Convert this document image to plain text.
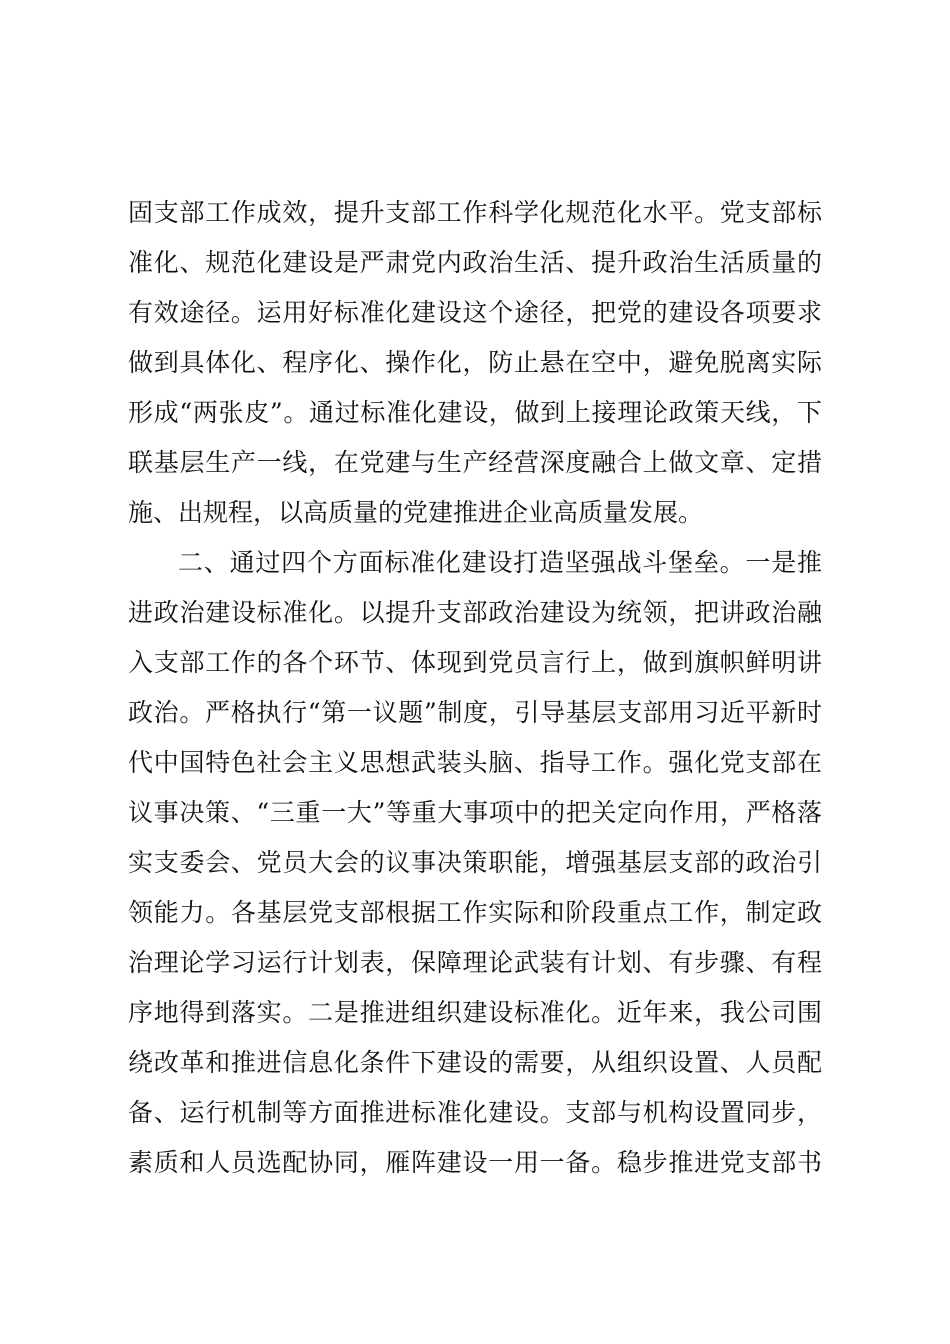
固支部工作成效，提升支部工作科学化规范化水平。党支部标
准化、规范化建设是严肃党内政治生活、提升政治生活质量的
有效途径。运用好标准化建设这个途径，把党的建设各项要求
做到具体化、程序化、操作化，防止悬在空中，避免脱离实际
形成“两张皮”。通过标准化建设，做到上接理论政策天线，下
联基层生产一线，在党建与生产经营深度融合上做文章、定措
施、出规程，以高质量的党建推进企业高质量发展。
二、通过四个方面标准化建设打造坚强战斗堡垒。一是推
进政治建设标准化。以提升支部政治建设为统领，把讲政治融
入支部工作的各个环节、体现到党员言行上，做到旗帜鲜明讲
政治。严格执行“第一议题”制度，引导基层支部用习近平新时
代中国特色社会主义思想武装头脑、指导工作。强化党支部在
议事决策、“三重一大”等重大事项中的把关定向作用，严格落
实支委会、党员大会的议事决策职能，增强基层支部的政治引
领能力。各基层党支部根据工作实际和阶段重点工作，制定政
治理论学习运行计划表，保障理论武装有计划、有步骤、有程
序地得到落实。二是推进组织建设标准化。近年来，我公司围
绕改革和推进信息化条件下建设的需要，从组织设置、人员配
备、运行机制等方面推进标准化建设。支部与机构设置同步，
素质和人员选配协同，雁阵建设一用一备。稳步推进党支部书
